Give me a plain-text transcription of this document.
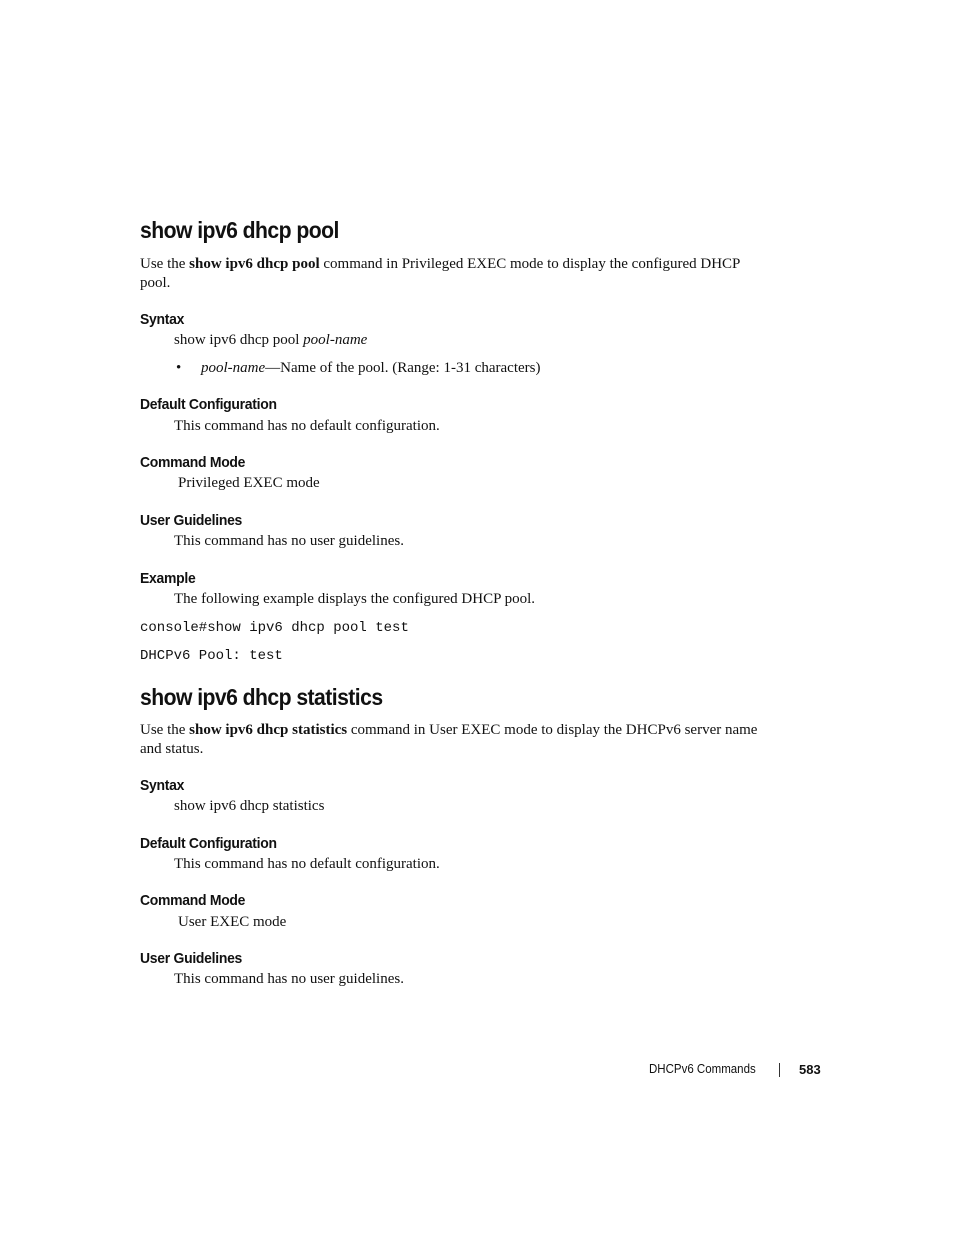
show ipv6 dhcp pool
Use the show ipv6 dhcp pool command in Privileged EXEC mode to display the configured DHCP pool.
Syntax
show ipv6 dhcp pool pool-name
• pool-name—Name of the pool. (Range: 1-31 characters)
Default Configuration
This command has no default configuration.
Command Mode
Privileged EXEC mode
User Guidelines
This command has no user guidelines.
Example
The following example displays the configured DHCP pool.
console#show ipv6 dhcp pool test
DHCPv6 Pool: test
show ipv6 dhcp statistics
Use the show ipv6 dhcp statistics command in User EXEC mode to display the DHCPv6 server name and status.
Syntax
show ipv6 dhcp statistics
Default Configuration
This command has no default configuration.
Command Mode
User EXEC mode
User Guidelines
This command has no user guidelines.
DHCPv6 Commands	583
